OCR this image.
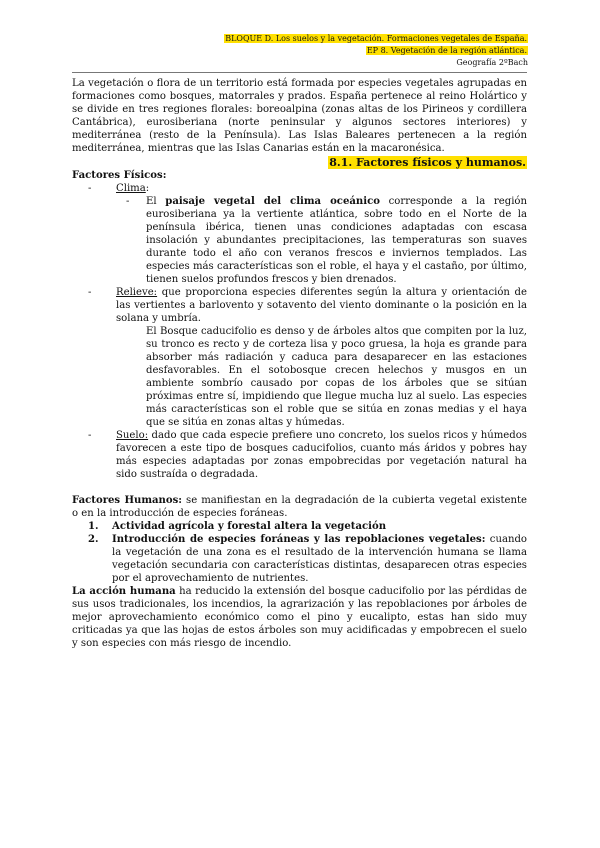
BLOQUE D. Los suelos y la vegetación. Formaciones vegetales de España.
EP 8. Vegetación de la región atlántica.
Geografía 2ºBach

La vegetación o flora de un territorio está formada por especies vegetales agrupadas en formaciones como bosques, matorrales y prados. España pertenece al reino Holártico y se divide en tres regiones florales: boreoalpina (zonas altas de los Pirineos y cordillera Cantábrica), eurosiberiana (norte peninsular y algunos sectores interiores) y mediterránea (resto de la Península). Las Islas Baleares pertenecen a la región mediterránea, mientras que las Islas Canarias están en la macaronésica.

8.1. Factores físicos y humanos.
Factores Físicos:
- Clima:
- El paisaje vegetal del clima oceánico corresponde a la región eurosiberiana ya la vertiente atlántica, sobre todo en el Norte de la península ibérica, tienen unas condiciones adaptadas con escasa insolación y abundantes precipitaciones, las temperaturas son suaves durante todo el año con veranos frescos e inviernos templados. Las especies más características son el roble, el haya y el castaño, por último, tienen suelos profundos frescos y bien drenados.
- Relieve: que proporciona especies diferentes según la altura y orientación de las vertientes a barlovento y sotavento del viento dominante o la posición en la solana y umbría.
El Bosque caducifolio es denso y de árboles altos que compiten por la luz, su tronco es recto y de corteza lisa y poco gruesa, la hoja es grande para absorber más radiación y caduca para desaparecer en las estaciones desfavorables. En el sotobosque crecen helechos y musgos en un ambiente sombrío causado por copas de los árboles que se sitúan próximas entre sí, impidiendo que llegue mucha luz al suelo. Las especies más características son el roble que se sitúa en zonas medias y el haya que se sitúa en zonas altas y húmedas.
- Suelo: dado que cada especie prefiere uno concreto, los suelos ricos y húmedos favorecen a este tipo de bosques caducifolios, cuanto más áridos y pobres hay más especies adaptadas por zonas empobrecidas por vegetación natural ha sido sustraída o degradada.

Factores Humanos: se manifiestan en la degradación de la cubierta vegetal existente o en la introducción de especies foráneas.

1. Actividad agrícola y forestal altera la vegetación
2. Introducción de especies foráneas y las repoblaciones vegetales: cuando la vegetación de una zona es el resultado de la intervención humana se llama vegetación secundaria con características distintas, desaparecen otras especies por el aprovechamiento de nutrientes.

La acción humana ha reducido la extensión del bosque caducifolio por las pérdidas de sus usos tradicionales, los incendios, la agrarización y las repoblaciones por árboles de mejor aprovechamiento económico como el pino y eucalipto, estas han sido muy criticadas ya que las hojas de estos árboles son muy acidificadas y empobrecen el suelo y son especies con más riesgo de incendio.
